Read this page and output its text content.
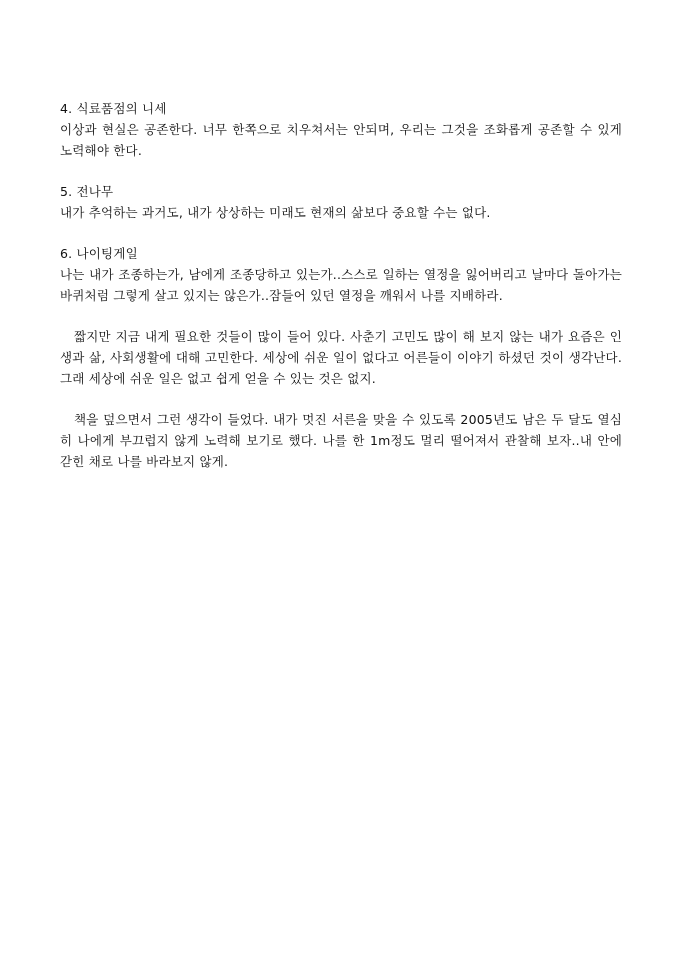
4. 식료품점의 니세

이상과 현실은 공존한다. 너무 한쪽으로 치우쳐서는 안되며, 우리는 그것을 조화롭게 공존할 수 있게 노력해야 한다.

5. 전나무

내가 추억하는 과거도, 내가 상상하는 미래도 현재의 삶보다 중요할 수는 없다.

6. 나이팅게일

나는 내가 조종하는가, 남에게 조종당하고 있는가..스스로 일하는 열정을 잃어버리고 날마다 돌아가는 바퀴처럼 그렇게 살고 있지는 않은가..잠들어 있던 열정을 깨워서 나를 지배하라.

짧지만 지금 내게 필요한 것들이 많이 들어 있다. 사춘기 고민도 많이 해 보지 않는 내가 요즘은 인생과 삶, 사회생활에 대해 고민한다. 세상에 쉬운 일이 없다고 어른들이 이야기 하셨던 것이 생각난다. 그래 세상에 쉬운 일은 없고 쉽게 얻을 수 있는 것은 없지.

책을 덮으면서 그런 생각이 들었다. 내가 멋진 서른을 맞을 수 있도록 2005년도 남은 두 달도 열심히 나에게 부끄럽지 않게 노력해 보기로 했다. 나를 한 1m정도 멀리 떨어져서 관찰해 보자..내 안에 갇힌 채로 나를 바라보지 않게.
